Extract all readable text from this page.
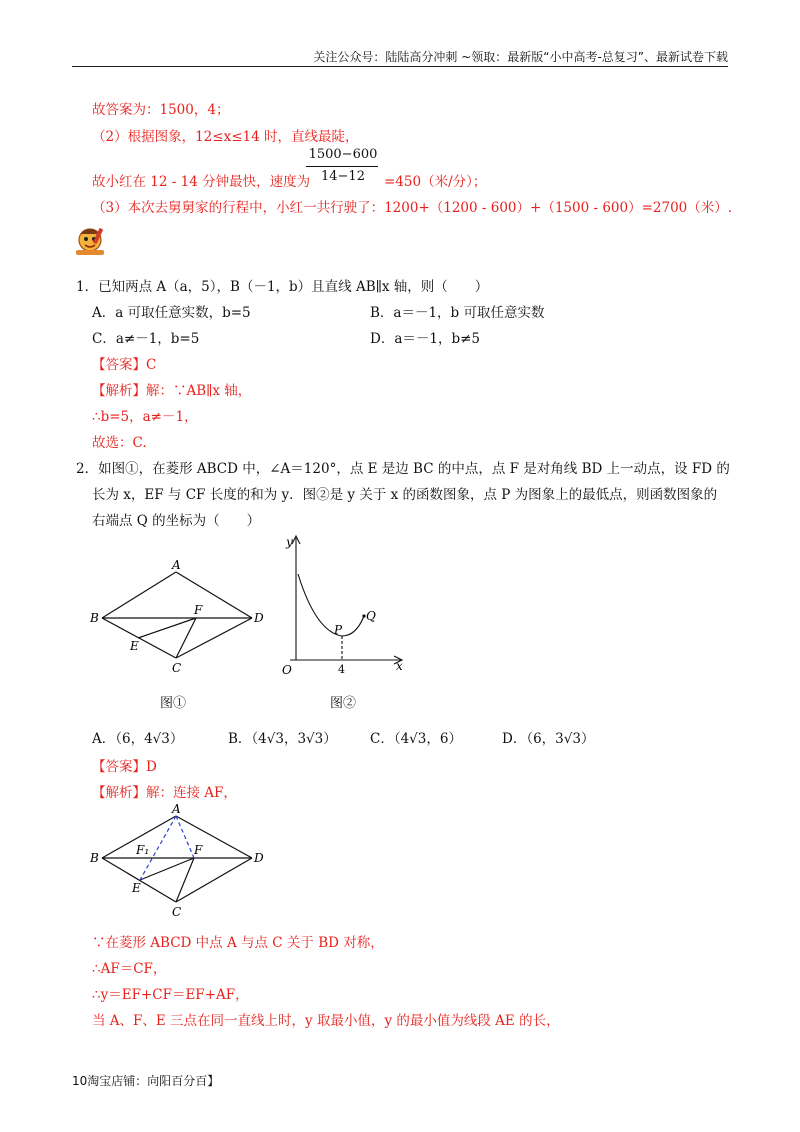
关注公众号：陆陆高分冲刺 ~领取：最新版“小中高考-总复习”、最新试卷下载
故答案为：1500，4；
（2）根据图象，12≤x≤14 时，直线最陡，
故小红在 12 - 14 分钟最快，速度为
1500−600
14−12	=450（米/分）；
（3）本次去舅舅家的行程中，小红一共行驶了：1200+（1200 - 600）+（1500 - 600）=2700（米）.
1．已知两点 A（a，5），B（－1，b）且直线 AB∥x 轴，则（　　）
A．a 可取任意实数，b=5	B．a＝－1，b 可取任意实数
C．a≠－1，b=5	D．a＝－1，b≠5
【答案】C
【解析】解：∵AB∥x 轴，
∴b=5，a≠－1，
故选：C.
2．如图①，在菱形 ABCD 中，∠A＝120°，点 E 是边 BC 的中点，点 F 是对角线 BD 上一动点，设 FD 的
长为 x，EF 与 CF 长度的和为 y．图②是 y 关于 x 的函数图象，点 P 为图象上的最低点，则函数图象的
右端点 Q 的坐标为（　　）
A
B	D
C
E
F
图①
y
x
O
P
Q
4
图②
A．（6，4√3）	B．（4√3，3√3） C．（4√3，6）	D．（6，3√3）
【答案】D
【解析】解：连接 AF，
A
B	D
C
E
F
F₁
∵在菱形 ABCD 中点 A 与点 C 关于 BD 对称，
∴AF＝CF，
∴y＝EF+CF＝EF+AF，
当 A、F、E 三点在同一直线上时，y 取最小值，y 的最小值为线段 AE 的长，
10淘宝店铺：向阳百分百】
